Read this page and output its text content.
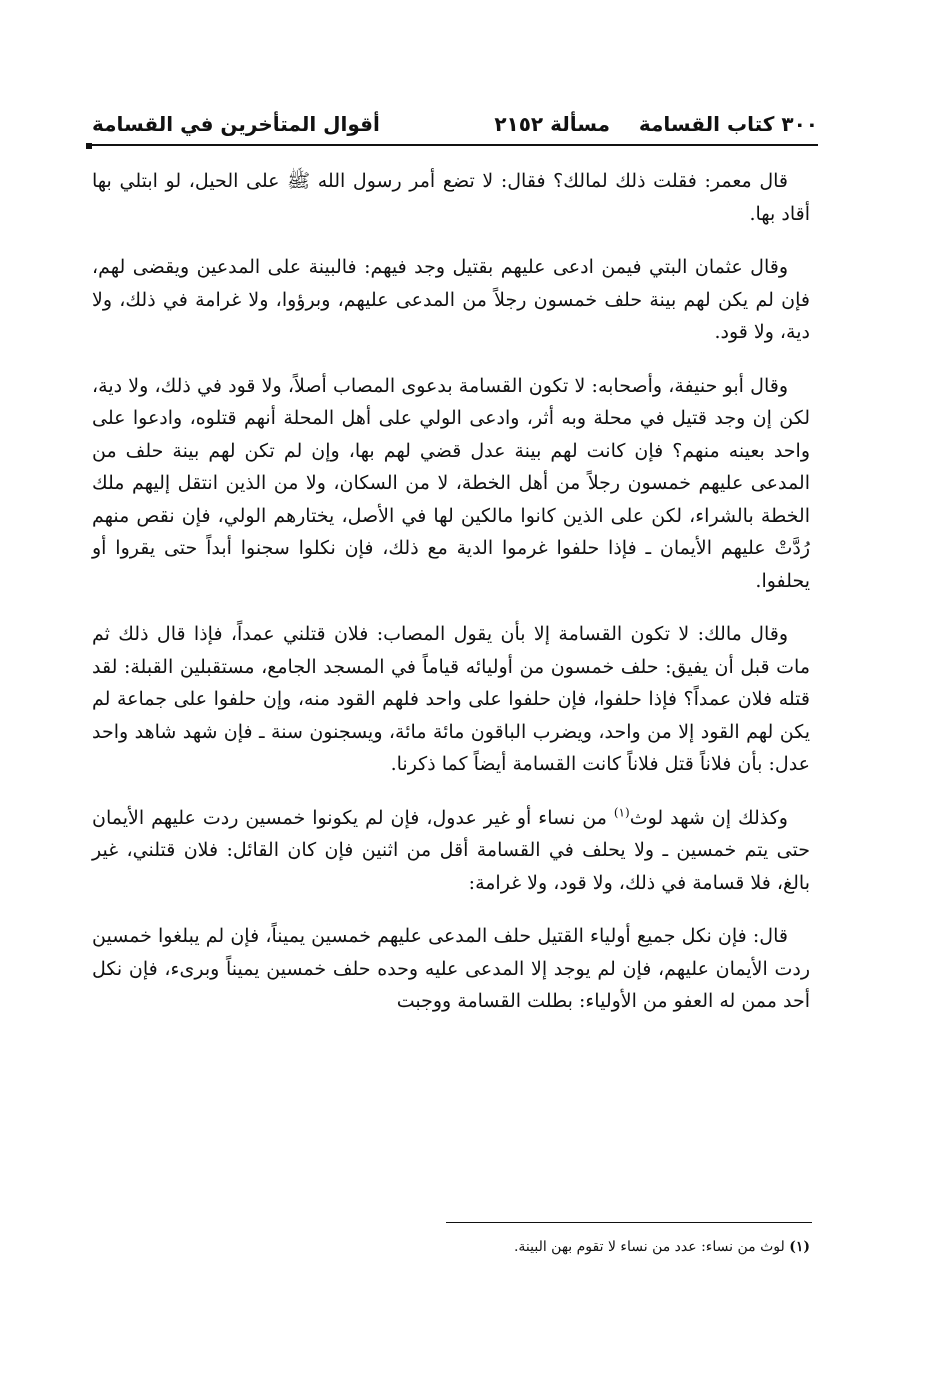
٣٠٠ كتاب القسامة
مسألة ٢١٥٢
أقوال المتأخرين في القسامة

قال معمر: فقلت ذلك لمالك؟ فقال: لا تضع أمر رسول الله ﷺ على الحيل، لو ابتلي بها أقاد بها.

وقال عثمان البتي فيمن ادعى عليهم بقتيل وجد فيهم: فالبينة على المدعين ويقضى لهم، فإن لم يكن لهم بينة حلف خمسون رجلاً من المدعى عليهم، وبرؤوا، ولا غرامة في ذلك، ولا دية، ولا قود.

وقال أبو حنيفة، وأصحابه: لا تكون القسامة بدعوى المصاب أصلاً، ولا قود في ذلك، ولا دية، لكن إن وجد قتيل في محلة وبه أثر، وادعى الولي على أهل المحلة أنهم قتلوه، وادعوا على واحد بعينه منهم؟ فإن كانت لهم بينة عدل قضي لهم بها، وإن لم تكن لهم بينة حلف من المدعى عليهم خمسون رجلاً من أهل الخطة، لا من السكان، ولا من الذين انتقل إليهم ملك الخطة بالشراء، لكن على الذين كانوا مالكين لها في الأصل، يختارهم الولي، فإن نقص منهم رُدَّتْ عليهم الأيمان ـ فإذا حلفوا غرموا الدية مع ذلك، فإن نكلوا سجنوا أبداً حتى يقروا أو يحلفوا.

وقال مالك: لا تكون القسامة إلا بأن يقول المصاب: فلان قتلني عمداً، فإذا قال ذلك ثم مات قبل أن يفيق: حلف خمسون من أوليائه قياماً في المسجد الجامع، مستقبلين القبلة: لقد قتله فلان عمداً؟ فإذا حلفوا، فإن حلفوا على واحد فلهم القود منه، وإن حلفوا على جماعة لم يكن لهم القود إلا من واحد، ويضرب الباقون مائة مائة، ويسجنون سنة ـ فإن شهد شاهد واحد عدل: بأن فلاناً قتل فلاناً كانت القسامة أيضاً كما ذكرنا.

وكذلك إن شهد لوث$^{(١)}$ من نساء أو غير عدول، فإن لم يكونوا خمسين ردت عليهم الأيمان حتى يتم خمسين ـ ولا يحلف في القسامة أقل من اثنين فإن كان القائل: فلان قتلني، غير بالغ، فلا قسامة في ذلك، ولا قود، ولا غرامة:

قال: فإن نكل جميع أولياء القتيل حلف المدعى عليهم خمسين يميناً، فإن لم يبلغوا خمسين ردت الأيمان عليهم، فإن لم يوجد إلا المدعى عليه وحده حلف خمسين يميناً وبرىء، فإن نكل أحد ممن له العفو من الأولياء: بطلت القسامة ووجبت

(١) لوث من نساء: عدد من نساء لا تقوم بهن البينة.
